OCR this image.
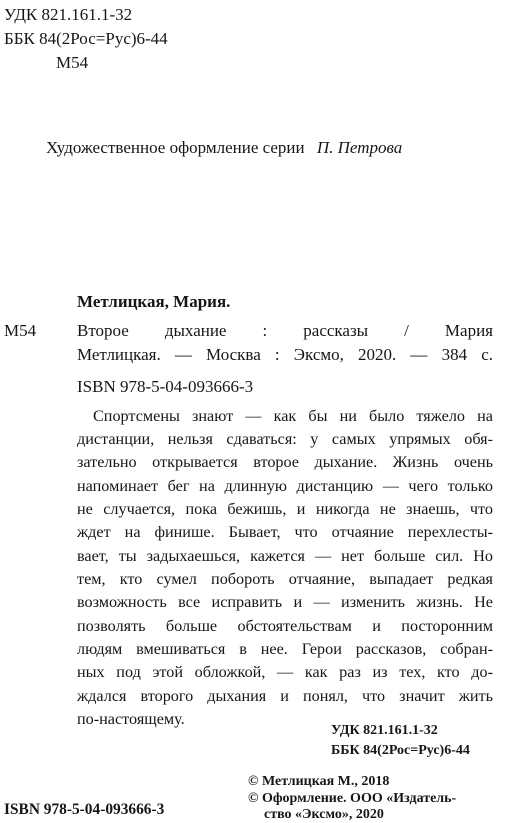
УДК 821.161.1-32
ББК 84(2Рос=Рус)6-44
М54
Художественное оформление серии П. Петрова
Метлицкая, Мария.
М54 Второе дыхание : рассказы / Мария
Метлицкая. — Москва : Эксмо, 2020. — 384 с.
ISBN 978-5-04-093666-3
Спортсмены знают — как бы ни было тяжело на
дистанции, нельзя сдаваться: у самых упрямых обя-
зательно открывается второе дыхание. Жизнь очень
напоминает бег на длинную дистанцию — чего только
не случается, пока бежишь, и никогда не знаешь, что
ждет на финише. Бывает, что отчаяние перехлесты-
вает, ты задыхаешься, кажется — нет больше сил. Но
тем, кто сумел побороть отчаяние, выпадает редкая
возможность все исправить и — изменить жизнь. Не
позволять больше обстоятельствам и посторонним
людям вмешиваться в нее. Герои рассказов, собран-
ных под этой обложкой, — как раз из тех, кто до-
ждался второго дыхания и понял, что значит жить
по-настоящему.
УДК 821.161.1-32
ББК 84(2Рос=Рус)6-44
© Метлицкая М., 2018
© Оформление. ООО «Издатель-
ство «Эксмо», 2020
ISBN 978-5-04-093666-3
